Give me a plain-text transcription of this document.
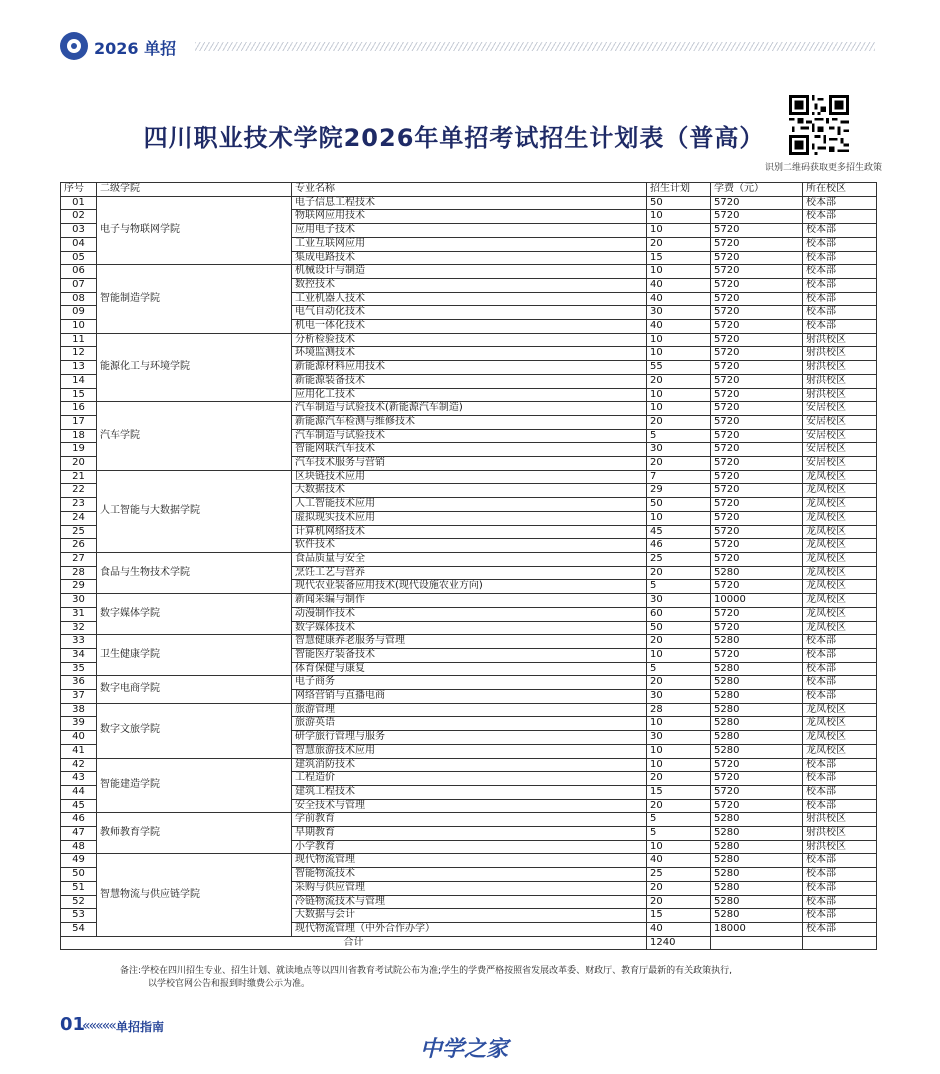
2026 单招
四川职业技术学院2026年单招考试招生计划表（普高）
识别二维码获取更多招生政策
序号	二级学院	专业名称	招生计划	学费（元）	所在校区
01	电子与物联网学院	电子信息工程技术	50	5720	校本部
02		物联网应用技术	10	5720	校本部
03		应用电子技术	10	5720	校本部
04		工业互联网应用	20	5720	校本部
05		集成电路技术	15	5720	校本部
06	智能制造学院	机械设计与制造	10	5720	校本部
07		数控技术	40	5720	校本部
08		工业机器人技术	40	5720	校本部
09		电气自动化技术	30	5720	校本部
10		机电一体化技术	40	5720	校本部
11	能源化工与环境学院	分析检验技术	10	5720	射洪校区
12		环境监测技术	10	5720	射洪校区
13		新能源材料应用技术	55	5720	射洪校区
14		新能源装备技术	20	5720	射洪校区
15		应用化工技术	10	5720	射洪校区
16	汽车学院	汽车制造与试验技术(新能源汽车制造)	10	5720	安居校区
17		新能源汽车检测与维修技术	20	5720	安居校区
18		汽车制造与试验技术	5	5720	安居校区
19		智能网联汽车技术	30	5720	安居校区
20		汽车技术服务与营销	20	5720	安居校区
21	人工智能与大数据学院	区块链技术应用	7	5720	龙凤校区
22		大数据技术	29	5720	龙凤校区
23		人工智能技术应用	50	5720	龙凤校区
24		虚拟现实技术应用	10	5720	龙凤校区
25		计算机网络技术	45	5720	龙凤校区
26		软件技术	46	5720	龙凤校区
27	食品与生物技术学院	食品质量与安全	25	5720	龙凤校区
28		烹饪工艺与营养	20	5280	龙凤校区
29		现代农业装备应用技术(现代设施农业方向)	5	5720	龙凤校区
30	数字媒体学院	新闻采编与制作	30	10000	龙凤校区
31		动漫制作技术	60	5720	龙凤校区
32		数字媒体技术	50	5720	龙凤校区
33	卫生健康学院	智慧健康养老服务与管理	20	5280	校本部
34		智能医疗装备技术	10	5720	校本部
35		体育保健与康复	5	5280	校本部
36	数字电商学院	电子商务	20	5280	校本部
37		网络营销与直播电商	30	5280	校本部
38	数字文旅学院	旅游管理	28	5280	龙凤校区
39		旅游英语	10	5280	龙凤校区
40		研学旅行管理与服务	30	5280	龙凤校区
41		智慧旅游技术应用	10	5280	龙凤校区
42	智能建造学院	建筑消防技术	10	5720	校本部
43		工程造价	20	5720	校本部
44		建筑工程技术	15	5720	校本部
45		安全技术与管理	20	5720	校本部
46	教师教育学院	学前教育	5	5280	射洪校区
47		早期教育	5	5280	射洪校区
48		小学教育	10	5280	射洪校区
49	智慧物流与供应链学院	现代物流管理	40	5280	校本部
50		智能物流技术	25	5280	校本部
51		采购与供应管理	20	5280	校本部
52		冷链物流技术与管理	20	5280	校本部
53		大数据与会计	15	5280	校本部
54		现代物流管理（中外合作办学）	40	18000	校本部
合计			1240		
备注:学校在四川招生专业、招生计划、就读地点等以四川省教育考试院公布为准;学生的学费严格按照省发展改革委、财政厅、教育厅最新的有关政策执行,
以学校官网公告和报到时缴费公示为准。
01
««««« 单招指南
中学之家
